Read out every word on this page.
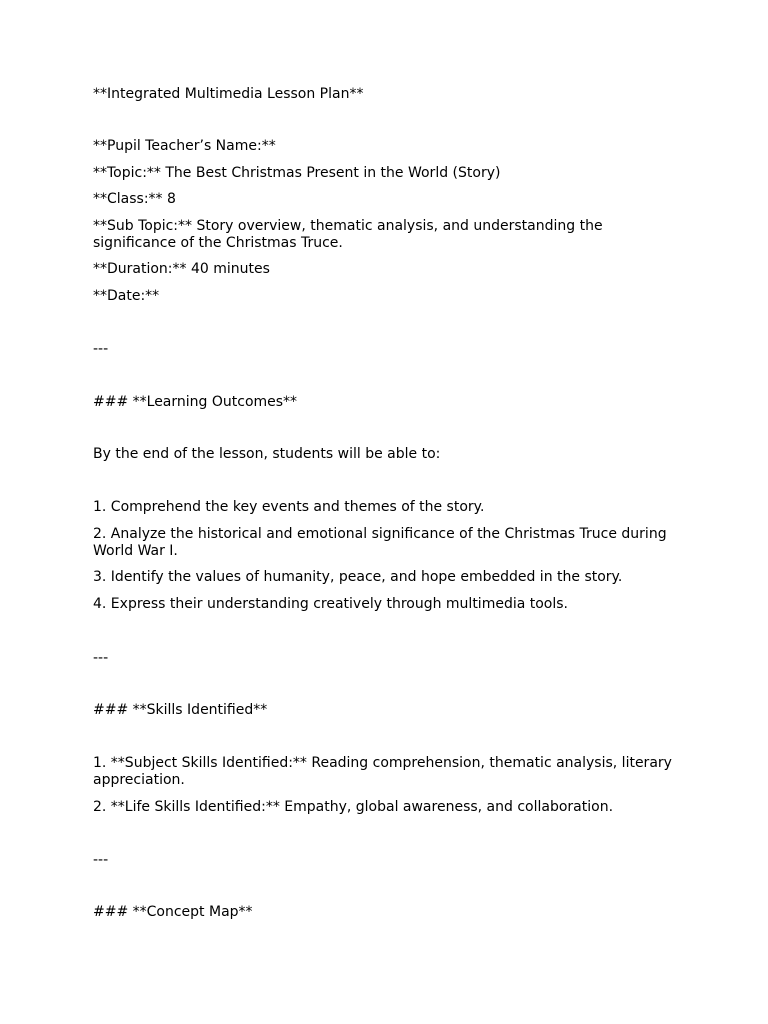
**Integrated Multimedia Lesson Plan**

**Pupil Teacher’s Name:**

**Topic:** The Best Christmas Present in the World (Story)

**Class:** 8

**Sub Topic:** Story overview, thematic analysis, and understanding the significance of the Christmas Truce.

**Duration:** 40 minutes

**Date:**

---

### **Learning Outcomes**

By the end of the lesson, students will be able to:

1. Comprehend the key events and themes of the story.

2. Analyze the historical and emotional significance of the Christmas Truce during World War I.

3. Identify the values of humanity, peace, and hope embedded in the story.

4. Express their understanding creatively through multimedia tools.

---

### **Skills Identified**

1. **Subject Skills Identified:** Reading comprehension, thematic analysis, literary appreciation.

2. **Life Skills Identified:** Empathy, global awareness, and collaboration.

---

### **Concept Map**
